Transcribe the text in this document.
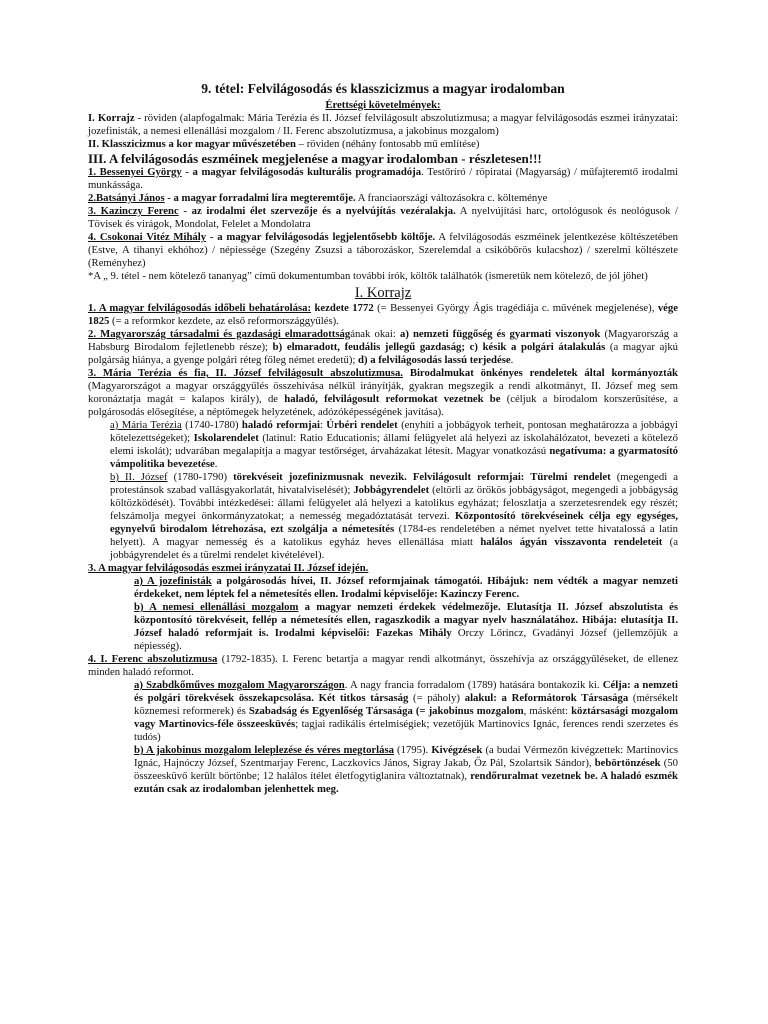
9. tétel: Felvilágosodás és klasszicizmus a magyar irodalomban

Érettségi követelmények:

I. Korrajz - röviden (alapfogalmak: Mária Terézia és II. József felvilágosult abszolutizmusa; a magyar felvilágosodás eszmei irányzatai: jozefinisták, a nemesi ellenállási mozgalom / II. Ferenc abszolutizmusa, a jakobinus mozgalom)

II. Klasszicizmus a kor magyar művészetében – röviden (néhány fontosabb mű említése)

III. A felvilágosodás eszméinek megjelenése a magyar irodalomban - részletesen!!!

1. Bessenyei György - a magyar felvilágosodás kulturális programadója. Testőríró / röpiratai (Magyarság) / műfajteremtő irodalmi munkássága.

2.Batsányi János - a magyar forradalmi líra megteremtője. A franciaországi változásokra c. költeménye

3. Kazinczy Ferenc - az irodalmi élet szervezője és a nyelvújítás vezéralakja. A nyelvújítási harc, ortológusok és neológusok / Tövisek és virágok, Mondolat, Felelet a Mondolatra

4. Csokonai Vitéz Mihály - a magyar felvilágosodás legjelentősebb költője. A felvilágosodás eszméinek jelentkezése költészetében (Estve, A tihanyi ekhóhoz) / népiessége (Szegény Zsuzsi a táborozáskor, Szerelemdal a csikóbőrös kulacshoz) / szerelmi költészete (Reményhez)

*A „ 9. tétel - nem kötelező tananyag” című dokumentumban további írók, költők találhatók (ismeretük nem kötelező, de jól jöhet)

I. Korrajz

1. A magyar felvilágosodás időbeli behatárolása: kezdete 1772 (= Bessenyei György Ágis tragédiája c. művének megjelenése), vége 1825 (= a reformkor kezdete, az első reformországgyűlés).

2. Magyarország társadalmi és gazdasági elmaradottságának okai: a) nemzeti függőség és gyarmati viszonyok (Magyarország a Habsburg Birodalom fejletlenebb része); b) elmaradott, feudális jellegű gazdaság; c) késik a polgári átalakulás (a magyar ajkú polgárság hiánya, a gyenge polgári réteg főleg német eredetű); d) a felvilágosodás lassú terjedése.

3. Mária Terézia és fia, II. József felvilágosult abszolutizmusa. Birodalmukat önkényes rendeletek által kormányozták (Magyarországot a magyar országgyűlés összehívása nélkül irányítják, gyakran megszegik a rendi alkotmányt, II. József meg sem koronáztatja magát = kalapos király), de haladó, felvilágosult reformokat vezetnek be (céljuk a birodalom korszerűsítése, a polgárosodás elősegítése, a néptömegek helyzetének, adózóképességének javítása).

a) Mária Terézia (1740-1780) haladó reformjai: Úrbéri rendelet (enyhíti a jobbágyok terheit, pontosan meghatározza a jobbágyi kötelezettségeket); Iskolarendelet (latinul: Ratio Educationis; állami felügyelet alá helyezi az iskolahálózatot, bevezeti a kötelező elemi iskolát); udvarában megalapítja a magyar testőrséget, árvaházakat létesít. Magyar vonatkozású negatívuma: a gyarmatosító vámpolitika bevezetése.

b) II. József (1780-1790) törekvéseit jozefinizmusnak nevezik. Felvilágosult reformjai: Türelmi rendelet (megengedi a protestánsok szabad vallásgyakorlatát, hivatalviselését); Jobbágyrendelet (eltörli az örökös jobbágyságot, megengedi a jobbágyság költözködését). További intézkedései: állami felügyelet alá helyezi a katolikus egyházat; feloszlatja a szerzetesrendek egy részét; felszámolja megyei önkormányzatokat; a nemesség megadóztatását tervezi. Központosító törekvéseinek célja egy egységes, egynyelvű birodalom létrehozása, ezt szolgálja a németesítés (1784-es rendeletében a német nyelvet tette hivatalossá a latin helyett). A magyar nemesség és a katolikus egyház heves ellenállása miatt halálos ágyán visszavonta rendeleteit (a jobbágyrendelet és a türelmi rendelet kivételével).

3. A magyar felvilágosodás eszmei irányzatai II. József idején.

a) A jozefinisták a polgárosodás hívei, II. József reformjainak támogatói. Hibájuk: nem védték a magyar nemzeti érdekeket, nem léptek fel a németesítés ellen. Irodalmi képviselője: Kazinczy Ferenc.

b) A nemesi ellenállási mozgalom a magyar nemzeti érdekek védelmezője. Elutasítja II. József abszolutista és központosító törekvéseit, fellép a németesítés ellen, ragaszkodik a magyar nyelv használatához. Hibája: elutasítja II. József haladó reformjait is. Irodalmi képviselői: Fazekas Mihály Orczy Lőrincz, Gvadányi József (jellemzőjük a népiesség).

4. I. Ferenc abszolutizmusa (1792-1835). I. Ferenc betartja a magyar rendi alkotmányt, összehívja az országgyűléseket, de ellenez minden haladó reformot.

a) Szabdkőműves mozgalom Magyarországon. A nagy francia forradalom (1789) hatására bontakozik ki. Célja: a nemzeti és polgári törekvések összekapcsolása. Két titkos társaság (= páholy) alakul: a Reformátorok Társasága (mérsékelt köznemesi reformerek) és Szabadság és Egyenlőség Társasága (= jakobinus mozgalom, másként: köztársasági mozgalom vagy Martinovics-féle összeesküvés; tagjai radikális értelmiségiek; vezetőjük Martinovics Ignác, ferences rendi szerzetes és tudós)

b) A jakobinus mozgalom leleplezése és véres megtorlása (1795). Kivégzések (a budai Vérmezőn kivégzettek: Martinovics Ignác, Hajnóczy József, Szentmarjay Ferenc, Laczkovics János, Sigray Jakab, Őz Pál, Szolartsik Sándor), bebörtönzések (50 összeesküvő került börtönbe; 12 halálos ítélet életfogytiglanira változtatnak), rendőruralmat vezetnek be. A haladó eszmék ezután csak az irodalomban jelenhettek meg.
